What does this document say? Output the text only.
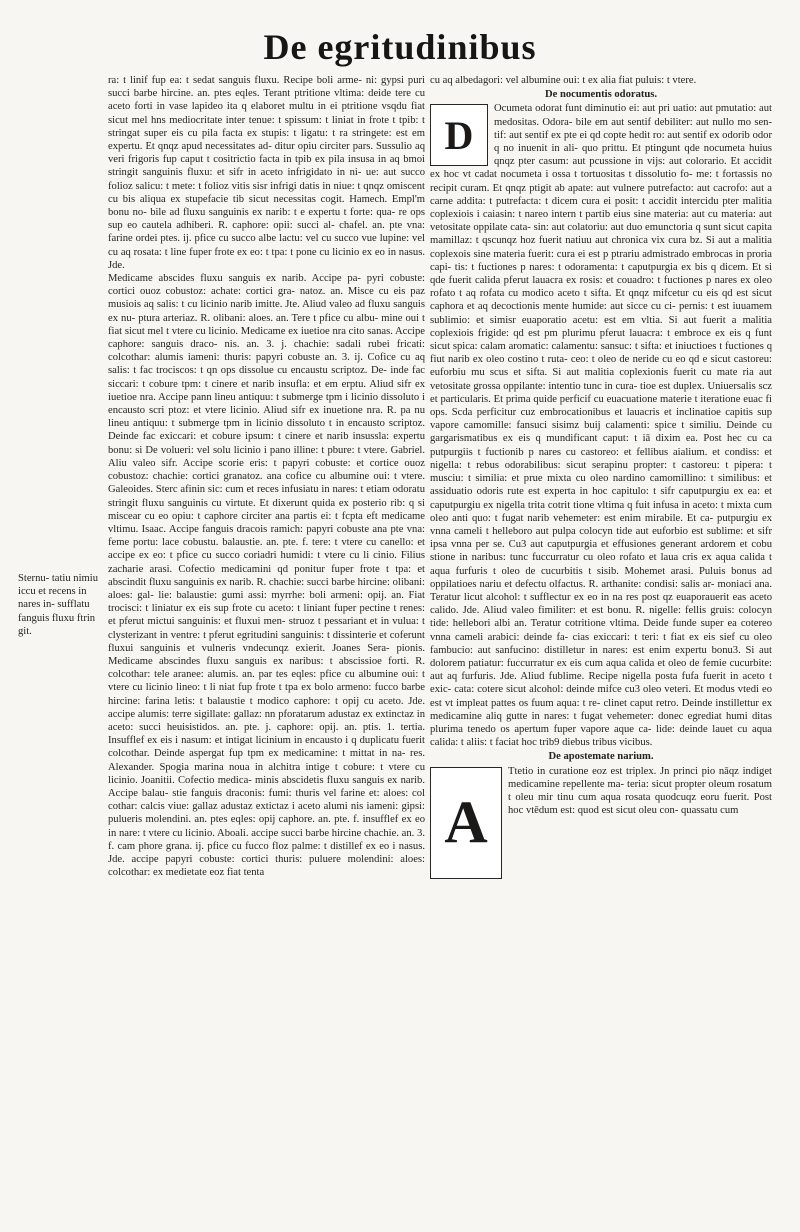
De egritudinibus
Sternu- tatiu nimiu iccu et recens in nares in- sufflatu fanguis fluxu ftrin git.

ra: t linif fup ea: t sedat sanguis fluxu. Recipe boli arme- ni: gypsi puri succi barbe hircine. an. ptes eqles. Terant ptritione vltima: deide tere cu aceto forti in vase lapideo ita q elaboret multu in ei ptritione vsqdu fiat sicut mel hns mediocritate inter tenue: t spissum: t liniat in frote t tpib: t stringat super eis cu pila facta ex stupis: t ligatu: t ra stringete: est em expertu. Et qnqz apud necessitates ad- ditur opiu circiter pars. Sussulio aq veri frigoris fup caput t cositrictio facta in tpib ex pila insusa in aq bmoi stringit sanguinis fluxu: et sifr in aceto infrigidato in ni- ue: aut succo folioz salicu: t mete: t folioz vitis sisr infrigi datis in niue: t qnqz omiscent cu bis aliqua ex stupefacie tib sicut necessitas cogit. Hamech. Empl'm bonu no- bile ad fluxu sanguinis ex narib: t e expertu t forte: qua- re ops sup eo cautela adhiberi. R. caphore: opii: succi al- chafel. an. pte vna: farine ordei ptes. ij. pfice cu succo albe lactu: vel cu succo vue lupine: vel cu aq rosata: t line fuper frote ex eo: t tpa: t pone cu licinio ex eo in nasus. Jde.

Medicame abscides fluxu sanguis ex narib. Accipe pa- pyri cobuste: cortici ouoz cobustoz: achate: cortici gra- natoz. an. Misce cu eis paz musiois aq salis: t cu licinio narib imitte. Jte. Aliud valeo ad fluxu sanguis ex nu- ptura arteriaz. R. olibani: aloes. an. Tere t pfice cu albu- mine oui t fiat sicut mel t vtere cu licinio. Medicame ex iuetioe nra cito sanas. Accipe caphore: sanguis draco- nis. an. 3. j. chachie: sadali rubei fricati: colcothar: alumis iameni: thuris: papyri cobuste an. 3. ij. Cofice cu aq salis: t fac trociscos: t qn ops dissolue cu encaustu scriptoz. De- inde fac siccari: t cobure tpm: t cinere et narib insufla: et em erptu. Aliud sifr ex iuetioe nra. Accipe pann lineu antiquu: t submerge tpm i licinio dissoluto i encausto scri ptoz: et vtere licinio. Aliud sifr ex inuetione nra. R. pa nu lineu antiquu: t submerge tpm in licinio dissoluto t in encausto scriptoz. Deinde fac exiccari: et cobure ipsum: t cinere et narib insussla: expertu bonu: si De volueri: vel solu licinio i pano illine: t pbure: t vtere. Gabriel. Aliu valeo sifr. Accipe scorie eris: t papyri cobuste: et cortice ouoz cobustoz: chachie: cortici granatoz. ana cofice cu albumine oui: t vtere. Galeoides. Sterc afinin sic: cum et reces infusiatu in nares: t etiam odoratu stringit fluxu sanguinis cu virtute. Et dixerunt quida ex posterio rib: q si miscear cu eo opiu: t caphore circiter ana partis ei: t fcpta eft medicame vltimu. Isaac. Accipe fanguis dracois ramich: papyri cobuste ana pte vna: feme portu: lace cobustu. balaustie. an. pte. f. tere: t vtere cu canello: et accipe ex eo: t pfice cu succo coriadri humidi: t vtere cu li cinio. Filius zacharie arasi. Cofectio medicamini qd ponitur fuper frote t tpa: et abscindit fluxu sanguinis ex narib. R. chachie: succi barbe hircine: olibani: aloes: gal- lie: balaustie: gumi assi: myrrhe: boli armeni: opij. an. Fiat trocisci: t liniatur ex eis sup frote cu aceto: t liniant fuper pectine t renes: et pferut mictui sanguinis: et fluxui men- struoz t pessariant et in vulua: t clysterizant in ventre: t pferut egritudini sanguinis: t dissinterie et coferunt fluxui sanguinis et vulneris vndecunqz exierit. Joanes Sera- pionis. Medicame abscindes fluxu sanguis ex naribus: t abscissioe forti. R. colcothar: tele aranee: alumis. an. par tes eqles: pfice cu albumine oui: t vtere cu licinio lineo: t li niat fup frote t tpa ex bolo armeno: fucco barbe hircine: farina letis: t balaustie t modico caphore: t opij cu aceto. Jde. accipe alumis: terre sigillate: gallaz: nn pforatarum adustaz ex extinctaz in aceto: succi heuisistidos. an. pte. j. caphore: opij. an. ptis. 1. tertia. Insufflef ex eis i nasum: et intigat licinium in encausto i q duplicatu fuerit colcothar. Deinde aspergat fup tpm ex medicamine: t mittat in na- res. Alexander. Spogia marina noua in alchitra intige t cobure: t vtere cu licinio. Joanitii. Cofectio medica- minis abscidetis fluxu sanguis ex narib. Accipe balau- stie fanguis draconis: fumi: thuris vel farine et: aloes: col cothar: calcis viue: gallaz adustaz extictaz i aceto alumi nis iameni: gipsi: pulueris molendini. an. ptes eqles: opij caphore. an. pte. f. insufflef ex eo in nare: t vtere cu licinio. Aboali. accipe succi barbe hircine chachie. an. 3. f. cam phore grana. ij. pfice cu fucco floz palme: t distillef ex eo i nasus. Jde. accipe papyri cobuste: cortici thuris: puluere molendini: aloes: colcothar: ex medietate eoz fiat tenta

cu aq albedagori: vel albumine oui: t ex alia fiat puluis: t vtere.

De nocumentis odoratus.
D

Ocumeta odorat funt diminutio ei: aut pri uatio: aut pmutatio: aut medositas. Odora- bile em aut sentif debiliter: aut nullo mo sen- tif: aut sentif ex pte ei qd copte hedit ro: aut sentif ex odorib odor q no inuenit in ali- quo prittu. Et ptingunt qde nocumeta huius qnqz pter casum: aut pcussione in vijs: aut colorario. Et accidit ex hoc vt cadat nocumeta i ossa t tortuositas t dissolutio fo- me: t fortassis no recipit curam. Et qnqz ptigit ab apate: aut vulnere putrefacto: aut cacrofo: aut a carne addita: t putrefacta: t dicem cura ei posit: t accidit intercidu pter malitia coplexiois i caiasin: t nareo intern t partib eius sine materia: aut cu materia: aut vetositate oppilate cata- sin: aut colatoriu: aut duo emunctoria q sunt sicut capita mamillaz: t qscunqz hoz fuerit natiuu aut chronica vix cura bz. Si aut a malitia coplexois sine materia fuerit: cura ei est p ptrariu admistrado embrocas in proria capi- tis: t fuctiones p nares: t odoramenta: t caputpurgia ex bis q dicem. Et si qde fuerit calida pferut lauacra ex rosis: et couadro: t fuctiones p nares ex oleo rofato t aq rofata cu modico aceto t sifta. Et qnqz mifcetur cu eis qd est sicut caphora et aq decoctionis mente humide: aut sicce cu ci- pernis: t est iuuamem sublimio: et simisr euaporatio acetu: est em vltia. Si aut fuerit a malitia coplexiois frigide: qd est pm plurimu pferut lauacra: t embroce ex eis q funt sicut spica: calam aromatic: calamentu: sansuc: t sifta: et iniuctioes t fuctiones q fiut narib ex oleo costino t ruta- ceo: t oleo de neride cu eo qd e sicut castoreu: euforbiu mu scus et sifta. Si aut malitia coplexionis fuerit cu mate ria aut vetositate grossa oppilante: intentio tunc in cura- tioe est duplex. Uniuersalis scz et particularis. Et prima quide perficif cu euacuatione materie t iteratione euac fi ops. Scda perficitur cuz embrocationibus et lauacris et inclinatioe capitis sup vapore camomille: fansuci sisimz buij calamenti: spice t similiu. Deinde cu gargarismatibus ex eis q mundificant caput: t iā dixim ea. Post hec cu ca putpurgiis t fuctionib p nares cu castoreo: et fellibus aialium. et condiss: et nigella: t rebus odorabilibus: sicut serapinu propter: t castoreu: t pipera: t musciu: t similia: et prue mixta cu oleo nardino camomillino: t similibus: et assiduatio odoris rute est experta in hoc capitulo: t sifr caputpurgiu ex ea: et caputpurgiu ex nigella trita cotrit tione vltima q fuit infusa in aceto: t mixta cum oleo anti quo: t fugat narib vehemeter: est enim mirabile. Et ca- putpurgiu ex vnna cameli t helleboro aut pulpa colocyn tide aut euforbio est sublime: et sifr ipsa vnna per se. Cu3 aut caputpurgia et effusiones generant ardorem et cobu stione in naribus: tunc fuccurratur cu oleo rofato et laua cris ex aqua calida t aqua furfuris t oleo de cucurbitis t sisib. Mohemet arasi. Puluis bonus ad oppilatioes nariu et defectu olfactus. R. arthanite: condisi: salis ar- moniaci ana. Teratur licut alcohol: t sufflectur ex eo in na res post qz euaporauerit eas aceto calido. Jde. Aliud valeo fimiliter: et est bonu. R. nigelle: fellis gruis: colocyn tide: hellebori albi an. Teratur cotritione vltima. Deide funde super ea cotereo vnna cameli arabici: deinde fa- cias exiccari: t teri: t fiat ex eis sief cu oleo fambucio: aut sanfucino: distilletur in nares: est enim expertu bonu3. Si aut dolorem patiatur: fuccurratur ex eis cum aqua calida et oleo de femie cucurbite: aut aq furfuris. Jde. Aliud fublime. Recipe nigella posta fufa fuerit in aceto t exic- cata: cotere sicut alcohol: deinde mifce cu3 oleo veteri. Et modus vtedi eo est vt impleat pattes os fuum aqua: t re- clinet caput retro. Deinde instillettur ex medicamine aliq gutte in nares: t fugat vehemeter: donec egrediat humi ditas plurima tenedo os apertum fuper vapore aque ca- lide: deinde lauet cu aqua calida: t aliis: t faciat hoc trib9 diebus tribus vicibus.

De apostemate narium.
A

Ttetio in curatione eoz est triplex. Jn princi pio nāqz indiget medicamine repellente ma- teria: sicut propter oleum rosatum t oleu mir tinu cum aqua rosata quodcuqz eoru fuerit. Post hoc vtēdum est: quod est sicut oleu con- quassatu cum
